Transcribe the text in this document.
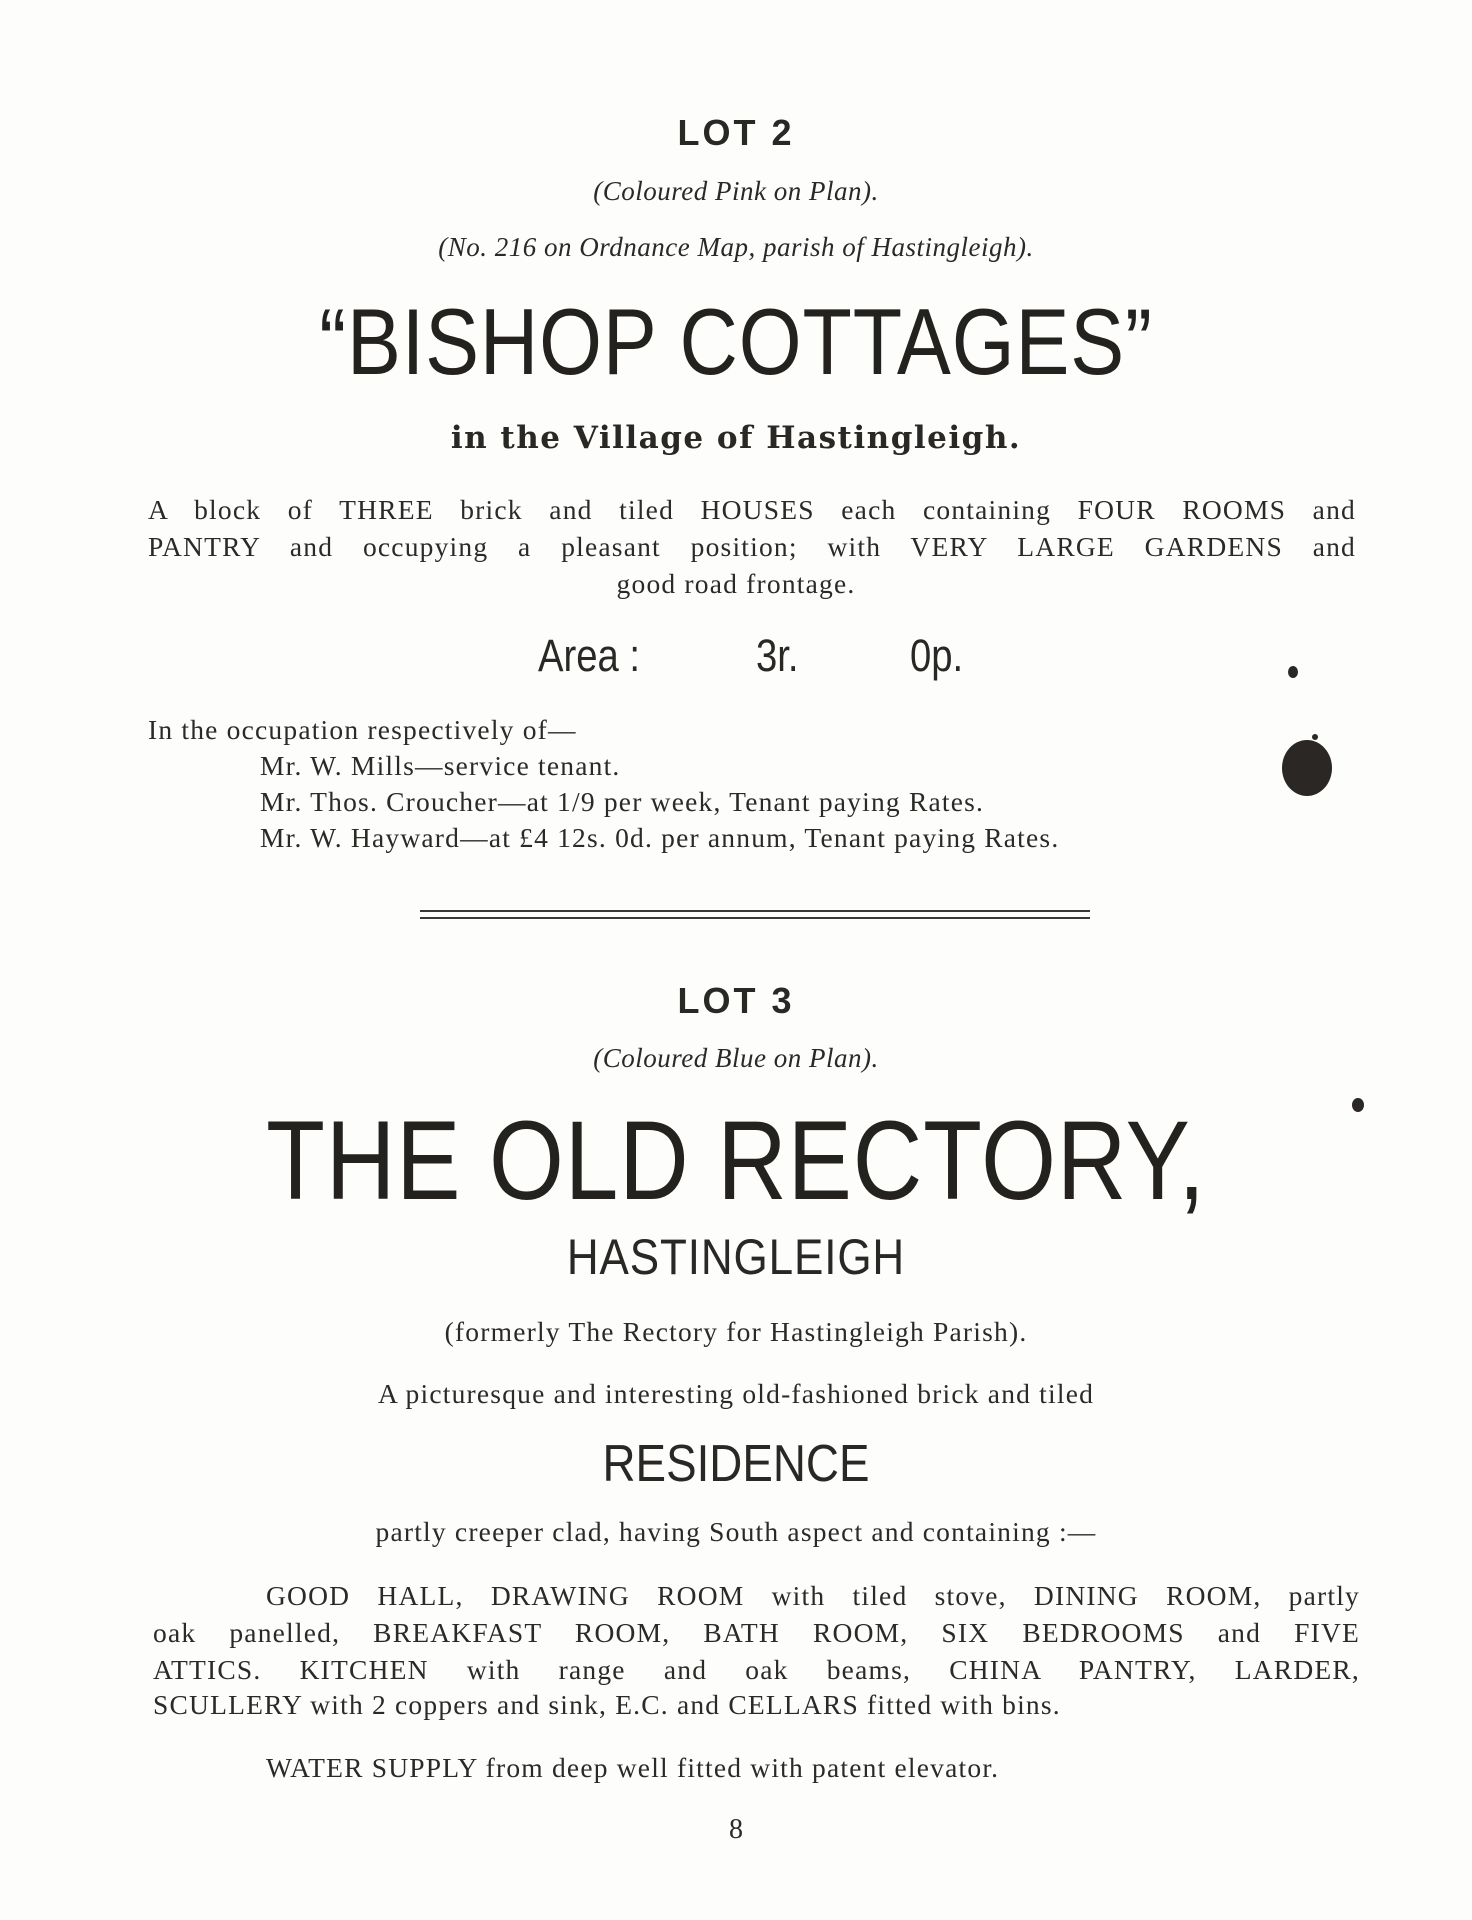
LOT 2
(Coloured Pink on Plan).
(No. 216 on Ordnance Map, parish of Hastingleigh).
“BISHOP COTTAGES”
in the Village of Hastingleigh.
A block of THREE brick and tiled HOUSES each containing FOUR ROOMS and
PANTRY and occupying a pleasant position; with VERY LARGE GARDENS and
good road frontage.
Area :	3r. 0p.
In the occupation respectively of—
Mr. W. Mills—service tenant.
Mr. Thos. Croucher—at 1/9 per week, Tenant paying Rates.
Mr. W. Hayward—at £4 12s. 0d. per annum, Tenant paying Rates.
LOT 3
(Coloured Blue on Plan).
THE OLD RECTORY,
HASTINGLEIGH
(formerly The Rectory for Hastingleigh Parish).
A picturesque and interesting old-fashioned brick and tiled
RESIDENCE
partly creeper clad, having South aspect and containing :—
GOOD HALL, DRAWING ROOM with tiled stove, DINING ROOM, partly
oak panelled, BREAKFAST ROOM, BATH ROOM, SIX BEDROOMS and FIVE
ATTICS. KITCHEN with range and oak beams, CHINA PANTRY, LARDER,
SCULLERY with 2 coppers and sink, E.C. and CELLARS fitted with bins.
WATER SUPPLY from deep well fitted with patent elevator.
8
